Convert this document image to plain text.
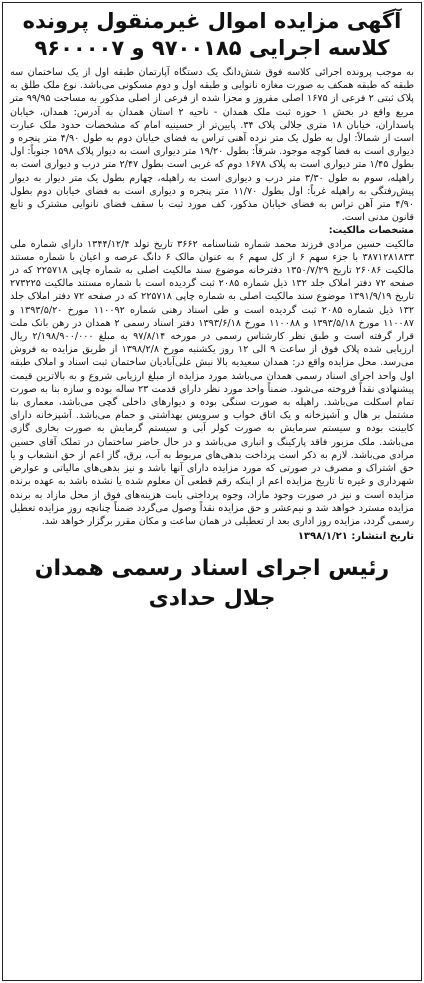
آگهی مزایده اموال غیرمنقول پرونده
کلاسه اجرایی ۹۷۰۰۱۸۵ و ۹۶۰۰۰۰۷

به موجب پرونده اجرائی کلاسه فوق شش‌دانگ یک دستگاه آپارتمان طبقه اول از یک ساختمان سه طبقه که طبقه همکف به صورت مغازه نانوایی و طبقه اول و دوم مسکونی می‌باشد. نوع ملک طلق به پلاک ثبتی ۲ فرعی از ۱۶۷۵ اصلی مفروز و مجزا شده از فرعی از اصلی مذکور به مساحت ۹۹/۹۵ متر مربع واقع در بخش ۱ حوزه ثبت ملک همدان - ناحیه ۲ استان همدان به آدرس: همدان، خیابان پاسداران، خیابان ۱۸ متری جلالی پلاک ۳۴. پایین‌تر از حسینیه امام که مشخصات حدود ملک عبارت است از شمالاً: اول به طول یک متر نرده آهنی تراس به فضای خیابان دوم به طول ۴/۹۰ متر پنجره و دیواری است به فضا کوچه موجود. شرقاً: بطول ۱۹/۲۰ متر دیواری است به دیوار پلاک ۱۵۹۸ جنوباً: اول بطول ۱/۴۵ متر دیواری است به پلاک ۱۶۷۸ دوم که غربی است بطول ۲/۴۷ متر درب و دیواری است به راهپله، سوم به طول ۳/۳۰ متر درب و دیواری است به راهپله، چهارم بطول یک متر دیوار به دیوار پیش‌رفتگی به راهپله غرباً: اول بطول ۱۱/۷۰ متر پنجره و دیواری است به فضای خیابان دوم بطول ۴/۹۰ متر آهن تراس به فضای خیابان مذکور، کف مورد ثبت با سقف فضای نانوایی مشترک و تابع قانون مدنی است.

مشخصات مالکیت:

مالکیت حسین مرادی فرزند محمد شماره شناسنامه ۳۶۶۲ تاریخ تولد ۱۳۴۴/۱۲/۴ دارای شماره ملی ۳۸۷۱۲۸۱۸۳۳ با جزء سهم ۶ از کل سهم ۶ به عنوان مالک ۶ دانگ عرصه و اعیان با شماره مستند مالکیت ۲۶۰۸۶ تاریخ ۱۳۵۰/۷/۲۹ دفترخانه موضوع سند مالکیت اصلی به شماره چاپی ۲۲۵۷۱۸ که در صفحه ۷۲ دفتر املاک جلد ۱۳۲ ذیل شماره ۲۰۸۵ ثبت گردیده است با شماره مستند مالکیت ۲۷۳۲۲۵ تاریخ ۱۳۹۱/۹/۱۹ موضوع سند مالکیت اصلی به شماره چاپی ۲۲۵۷۱۸ که در صفحه ۷۲ دفتر املاک جلد ۱۳۲ ذیل شماره ۲۰۸۵ ثبت گردیده است و طی اسناد رهنی شماره ۱۱۰۰۹۲ مورخ ۱۳۹۳/۵/۲۰ و ۱۱۰۰۸۷ مورخ ۱۳۹۳/۵/۱۸ و ۱۱۰۰۸۸ مورخ ۱۳۹۳/۶/۱۸ دفتر اسناد رسمی ۲ همدان در رهن بانک ملت قرار گرفته است و طبق نظر کارشناس رسمی در مورخه ۹۷/۸/۱۴ به مبلغ ۲/۱۹۸/۹۰۰/۰۰۰ ریال ارزیابی شده پلاک فوق از ساعت ۹ الی ۱۲ روز یکشنبه مورخ ۱۳۹۸/۲/۸ از طریق مزایده به فروش می‌رسد. محل مزایده واقع در: همدان سعیدیه بالا نبش علی‌آبادیان ساختمان ثبت اسناد و املاک طبقه اول واحد اجرای اسناد رسمی همدان می‌باشد مورد مزایده از مبلغ ارزیابی شروع و به بالاترین قیمت پیشنهادی نقداً فروخته می‌شود. ضمناً واحد مورد نظر دارای قدمت ۲۳ ساله بوده و سازه بنا به صورت تمام اسکلت می‌باشد. راهپله به صورت سنگی بوده و دیوارهای داخلی گچی می‌باشد، معماری بنا مشتمل بر هال و آشپزخانه و یک اتاق خواب و سرویس بهداشتی و حمام می‌باشد. آشپزخانه دارای کابینت بوده و سیستم سرمایش به صورت کولر آبی و سیستم گرمایش به صورت بخاری گازی می‌باشد. ملک مزبور فاقد پارکینگ و انباری می‌باشد و در حال حاضر ساختمان در تملک آقای حسین مرادی می‌باشد. لازم به ذکر است پرداخت بدهی‌های مربوط به آب، برق، گاز اعم از حق انشعاب و یا حق اشتراک و مصرف در صورتی که مورد مزایده دارای آنها باشد و نیز بدهی‌های مالیاتی و عوارض شهرداری و غیره تا تاریخ مزایده اعم از اینکه رقم قطعی آن معلوم شده یا نشده باشد به عهده برنده مزایده است و نیز در صورت وجود مازاد، وجوه پرداختی بابت هزینه‌های فوق از محل مازاد به برنده مزایده مسترد خواهد شد و نیم‌عشر و حق مزایده نقداً وصول می‌گردد ضمناً چنانچه روز مزایده تعطیل رسمی گردد، مزایده روز اداری بعد از تعطیلی در همان ساعت و مکان مقرر برگزار خواهد شد.

تاریخ انتشار: ۱۳۹۸/۱/۲۱
رئیس اجرای اسناد رسمی همدان
جلال حدادی
